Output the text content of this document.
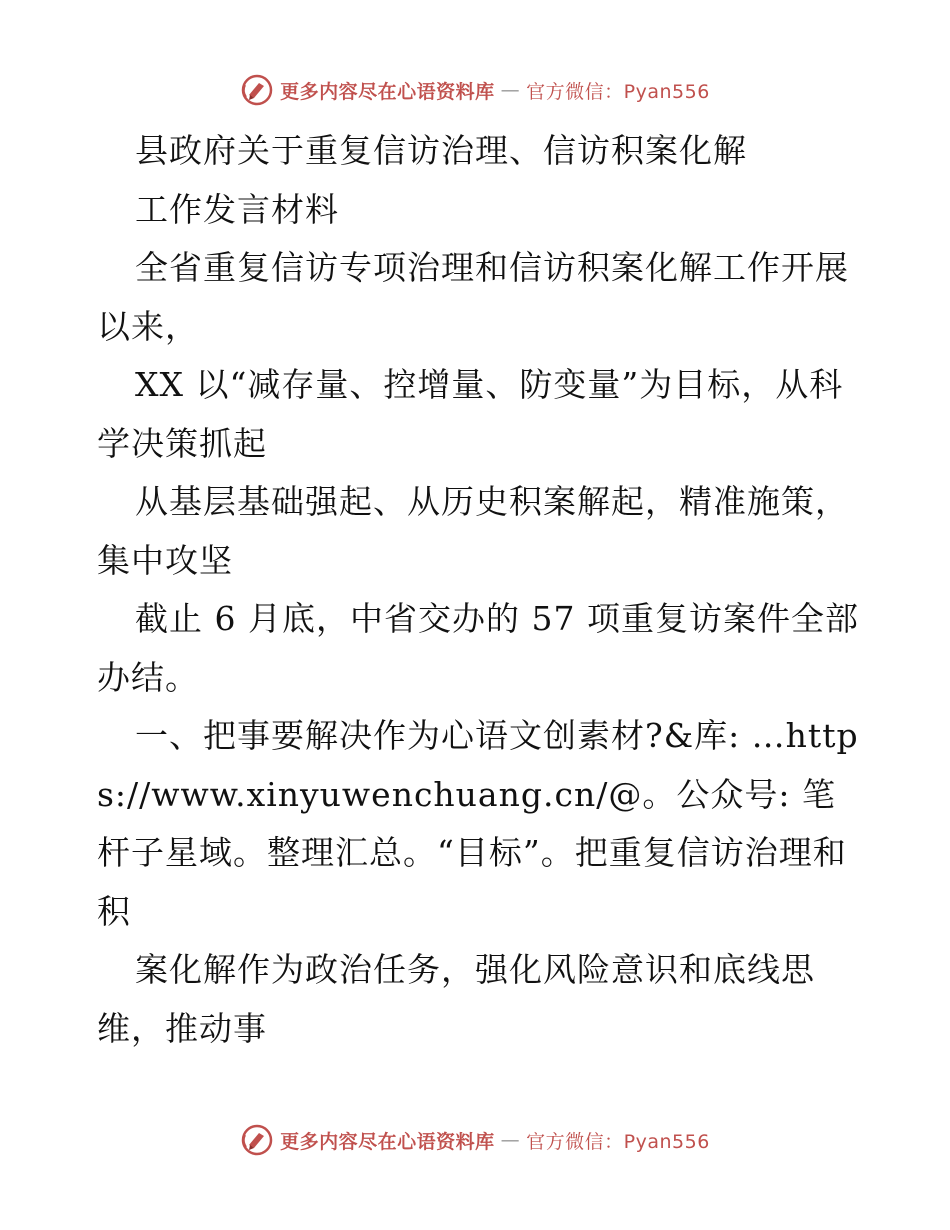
更多内容尽在心语资料库 — 官方微信：Pyan556

县政府关于重复信访治理、信访积案化解

工作发言材料

全省重复信访专项治理和信访积案化解工作开展以来，

XX 以“减存量、控增量、防变量”为目标，从科学决策抓起

从基层基础强起、从历史积案解起，精准施策，集中攻坚

截止 6 月底，中省交办的 57 项重复访案件全部办结。

一、把事要解决作为心语文创素材?&库: …https://www.xinyuwenchuang.cn/@。公众号: 笔杆子星域。整理汇总。“目标”。把重复信访治理和积

案化解作为政治任务，强化风险意识和底线思维，推动事

更多内容尽在心语资料库 — 官方微信：Pyan556
